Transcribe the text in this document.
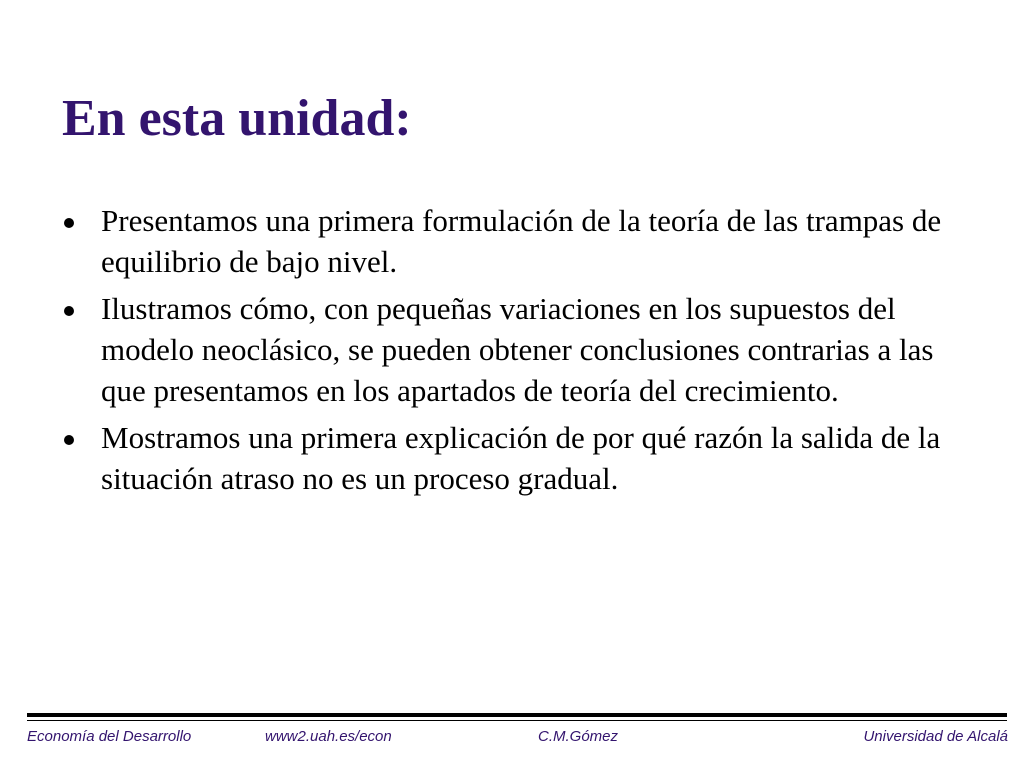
En esta unidad:
Presentamos una primera formulación de la teoría de las trampas de equilibrio de bajo nivel.
Ilustramos cómo, con pequeñas variaciones en los supuestos del modelo neoclásico, se pueden obtener conclusiones contrarias a las que presentamos en los apartados de teoría del crecimiento.
Mostramos una primera explicación de por qué razón la salida de la situación atraso no es un proceso gradual.
Economía del Desarrollo	www2.uah.es/econ	C.M.Gómez	Universidad de Alcalá
